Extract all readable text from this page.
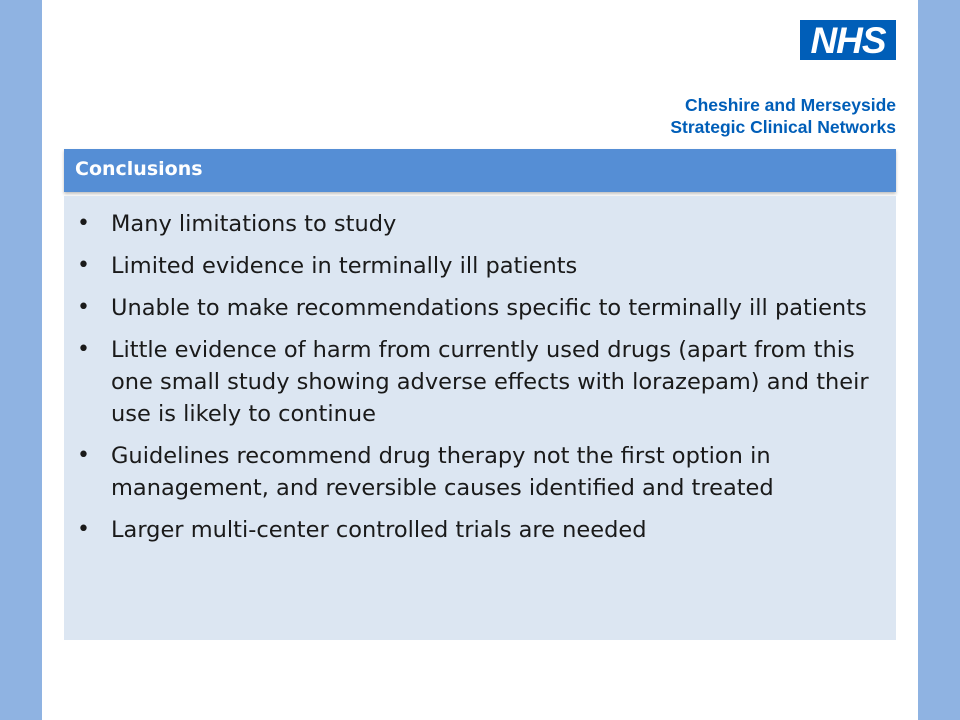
NHS
Cheshire and Merseyside
Strategic Clinical Networks
Conclusions
• Many limitations to study
• Limited evidence in terminally ill patients
• Unable to make recommendations specific to terminally ill patients
• Little evidence of harm from currently used drugs (apart from this one small study showing adverse effects with lorazepam) and their use is likely to continue
• Guidelines recommend drug therapy not the first option in management, and reversible causes identified and treated
• Larger multi-center controlled trials are needed
